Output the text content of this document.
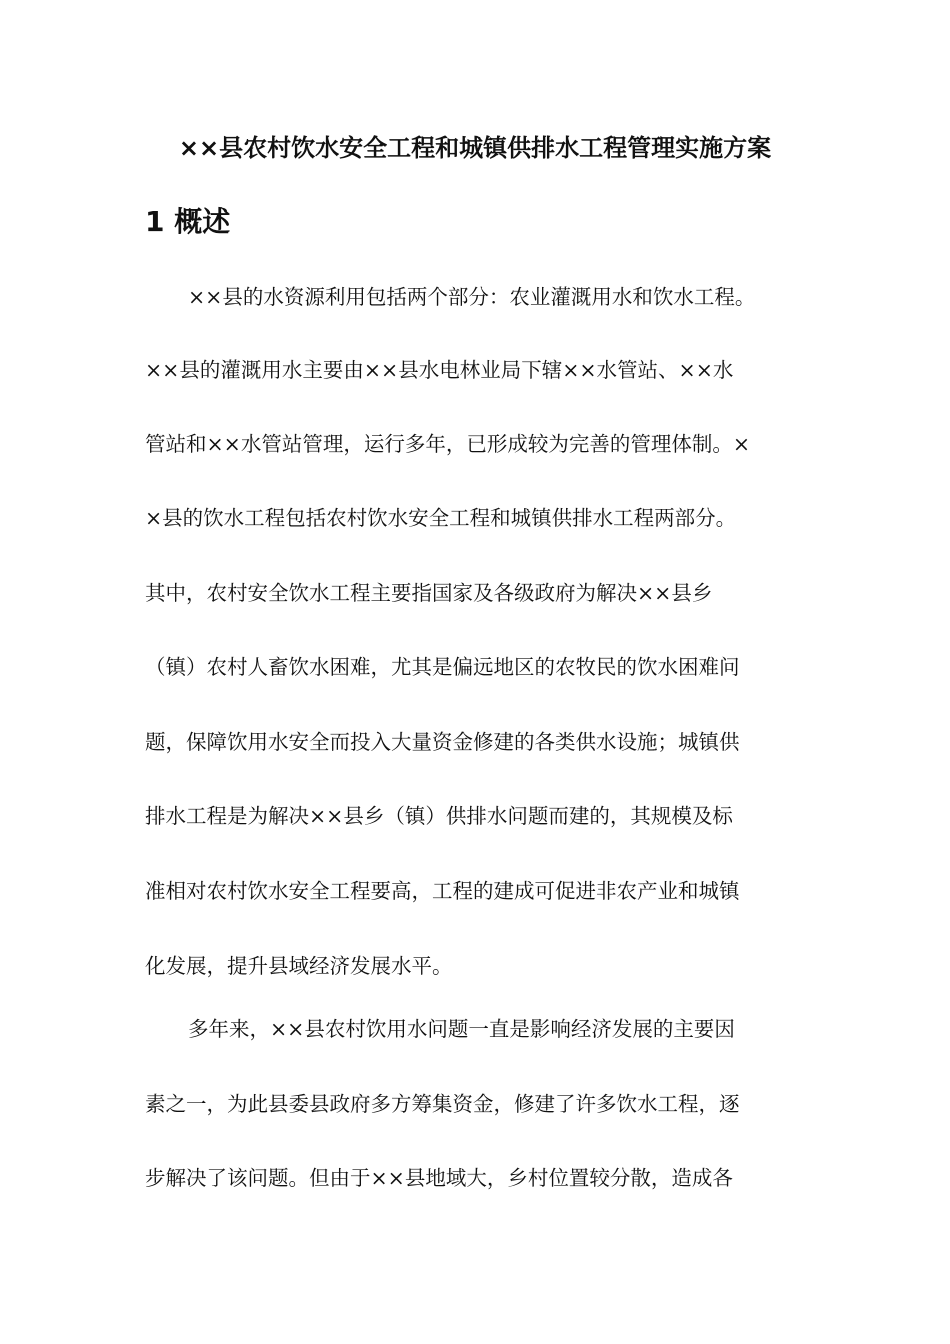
××县农村饮水安全工程和城镇供排水工程管理实施方案
1 概述
××县的水资源利用包括两个部分：农业灌溉用水和饮水工程。
××县的灌溉用水主要由××县水电林业局下辖××水管站、××水
管站和××水管站管理，运行多年，已形成较为完善的管理体制。×
×县的饮水工程包括农村饮水安全工程和城镇供排水工程两部分。
其中，农村安全饮水工程主要指国家及各级政府为解决××县乡
（镇）农村人畜饮水困难，尤其是偏远地区的农牧民的饮水困难问
题，保障饮用水安全而投入大量资金修建的各类供水设施；城镇供
排水工程是为解决××县乡（镇）供排水问题而建的，其规模及标
准相对农村饮水安全工程要高，工程的建成可促进非农产业和城镇
化发展，提升县域经济发展水平。
多年来，××县农村饮用水问题一直是影响经济发展的主要因
素之一，为此县委县政府多方筹集资金，修建了许多饮水工程，逐
步解决了该问题。但由于××县地域大，乡村位置较分散，造成各
